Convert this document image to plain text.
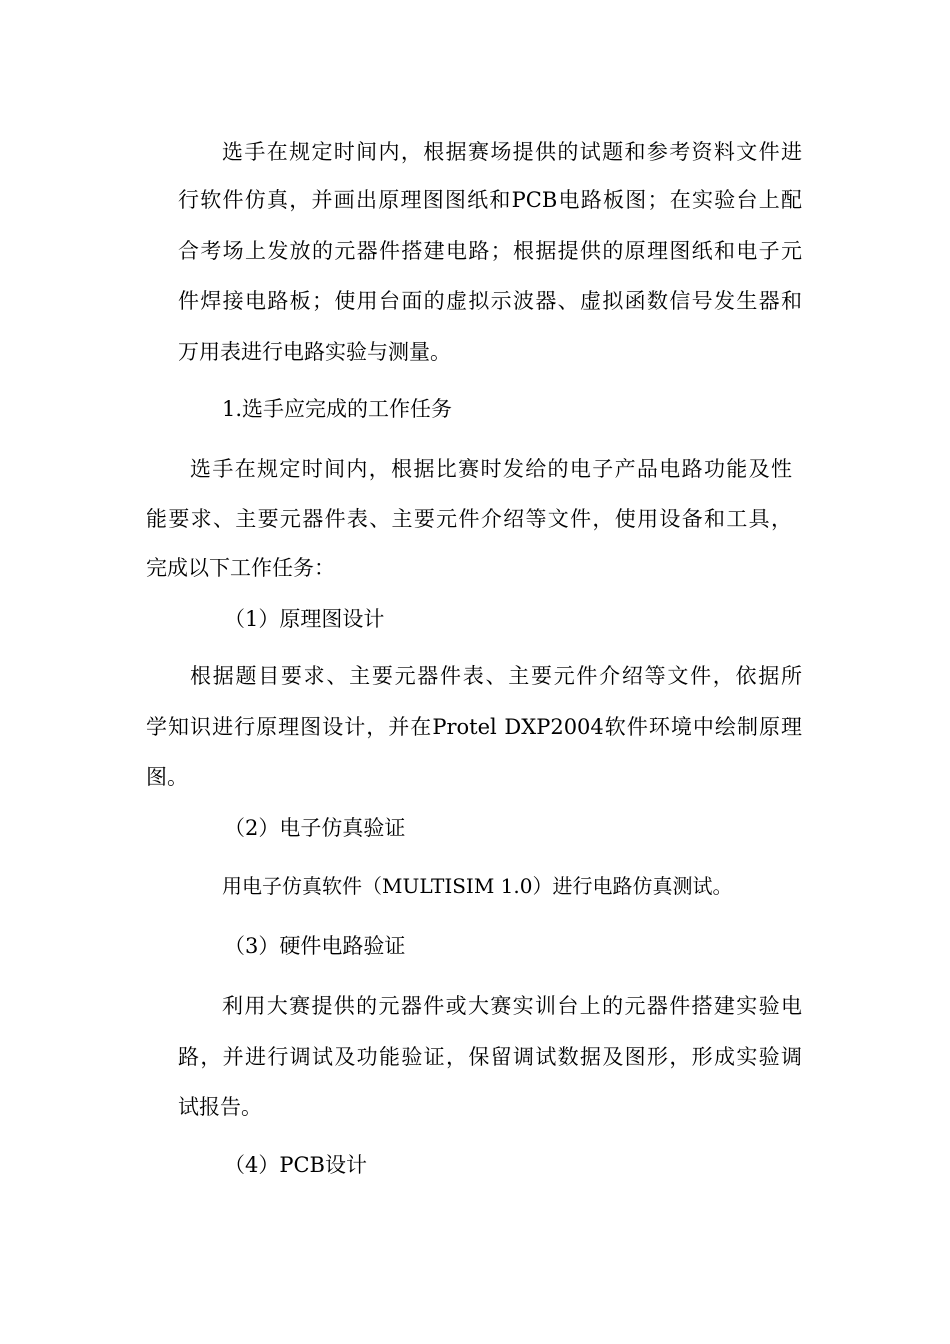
选手在规定时间内，根据赛场提供的试题和参考资料文件进
行软件仿真，并画出原理图图纸和PCB电路板图；在实验台上配
合考场上发放的元器件搭建电路；根据提供的原理图纸和电子元
件焊接电路板；使用台面的虚拟示波器、虚拟函数信号发生器和
万用表进行电路实验与测量。
1.选手应完成的工作任务
选手在规定时间内，根据比赛时发给的电子产品电路功能及性
能要求、主要元器件表、主要元件介绍等文件，使用设备和工具，
完成以下工作任务：
（1）原理图设计
根据题目要求、主要元器件表、主要元件介绍等文件，依据所
学知识进行原理图设计，并在Protel DXP2004软件环境中绘制原理
图。
（2）电子仿真验证
用电子仿真软件（MULTISIM 1.0）进行电路仿真测试。
（3）硬件电路验证
利用大赛提供的元器件或大赛实训台上的元器件搭建实验电
路，并进行调试及功能验证，保留调试数据及图形，形成实验调
试报告。
（4）PCB设计
